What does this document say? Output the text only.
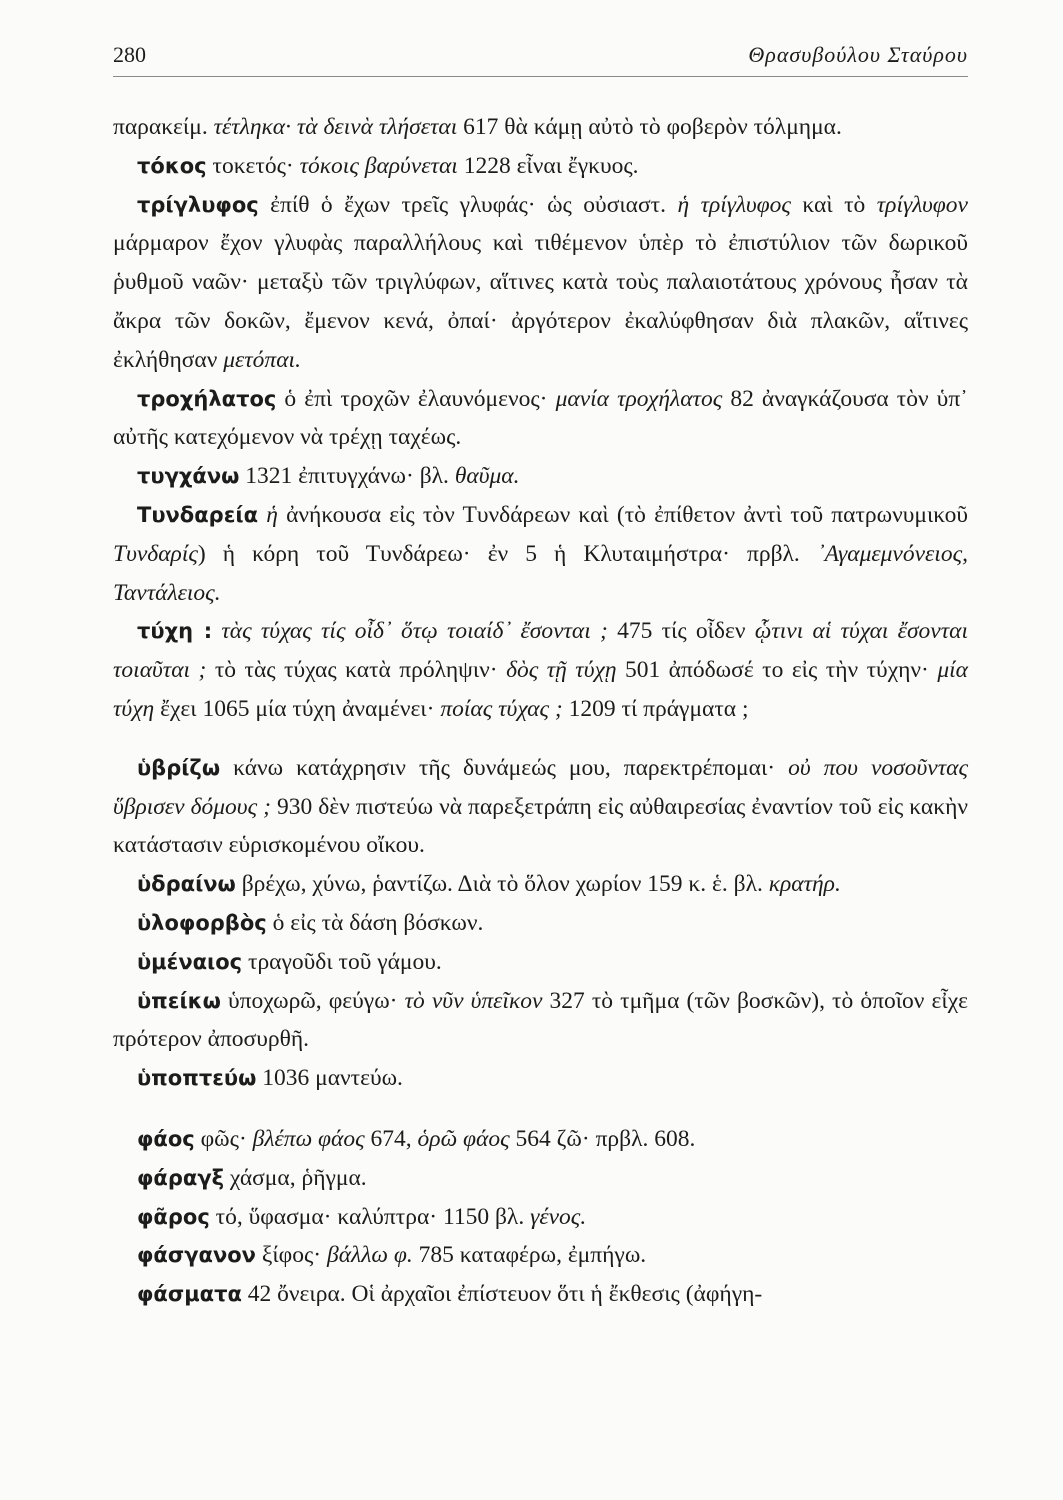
280	Θρασυβούλου Σταύρου

παρακείμ. τέτληκα· τὰ δεινὰ τλήσεται 617 θὰ κάμῃ αὐτὸ τὸ φοβερὸν τόλμημα.

τόκος τοκετός· τόκοις βαρύνεται 1228 εἶναι ἔγκυος.

τρίγλυφος ἐπίθ ὁ ἔχων τρεῖς γλυφάς· ὡς οὐσιαστ. ἡ τρίγλυφος καὶ τὸ τρίγλυφον μάρμαρον ἔχον γλυφὰς παραλλήλους καὶ τιθέμενον ὑπὲρ τὸ ἐπιστύλιον τῶν δωρικοῦ ῥυθμοῦ ναῶν· μεταξὺ τῶν τριγλύφων, αἵτινες κατὰ τοὺς παλαιοτάτους χρόνους ἦσαν τὰ ἄκρα τῶν δοκῶν, ἔμενον κενά, ὀπαί· ἀργότερον ἐκαλύφθησαν διὰ πλακῶν, αἵτινες ἐκλήθησαν μετόπαι.

τροχήλατος ὁ ἐπὶ τροχῶν ἐλαυνόμενος· μανία τροχήλατος 82 ἀναγκάζουσα τὸν ὑπ᾽ αὐτῆς κατεχόμενον νὰ τρέχῃ ταχέως.

τυγχάνω 1321 ἐπιτυγχάνω· βλ. θαῦμα.

Τυνδαρεία ἡ ἀνήκουσα εἰς τὸν Τυνδάρεων καὶ (τὸ ἐπίθετον ἀντὶ τοῦ πατρωνυμικοῦ Τυνδαρίς) ἡ κόρη τοῦ Τυνδάρεω· ἐν 5 ἡ Κλυταιμήστρα· πρβλ. ᾽Αγαμεμνόνειος, Ταντάλειος.

τύχη : τὰς τύχας τίς οἶδ᾽ ὅτῳ τοιαίδ᾽ ἔσονται ; 475 τίς οἶδεν ᾧτινι αἱ τύχαι ἔσονται τοιαῦται ; τὸ τὰς τύχας κατὰ πρόληψιν· δὸς τῇ τύχῃ 501 ἀπόδωσέ το εἰς τὴν τύχην· μία τύχη ἔχει 1065 μία τύχη ἀναμένει· ποίας τύχας ; 1209 τί πράγματα ;

ὑβρίζω κάνω κατάχρησιν τῆς δυνάμεώς μου, παρεκτρέπομαι· οὐ που νοσοῦντας ὕβρισεν δόμους ; 930 δὲν πιστεύω νὰ παρεξετράπη εἰς αὐθαιρεσίας ἐναντίον τοῦ εἰς κακὴν κατάστασιν εὑρισκομένου οἴκου.

ὑδραίνω βρέχω, χύνω, ῥαντίζω. Διὰ τὸ ὅλον χωρίον 159 κ. ἑ. βλ. κρατήρ.

ὑλοφορβὸς ὁ εἰς τὰ δάση βόσκων.

ὑμέναιος τραγοῦδι τοῦ γάμου.

ὑπείκω ὑποχωρῶ, φεύγω· τὸ νῦν ὑπεῖκον 327 τὸ τμῆμα (τῶν βοσκῶν), τὸ ὁποῖον εἶχε πρότερον ἀποσυρθῆ.

ὑποπτεύω 1036 μαντεύω.

φάος φῶς· βλέπω φάος 674, ὁρῶ φάος 564 ζῶ· πρβλ. 608.

φάραγξ χάσμα, ῥῆγμα.

φᾶρος τό, ὕφασμα· καλύπτρα· 1150 βλ. γένος.

φάσγανον ξίφος· βάλλω φ. 785 καταφέρω, ἐμπήγω.

φάσματα 42 ὄνειρα. Οἱ ἀρχαῖοι ἐπίστευον ὅτι ἡ ἔκθεσις (ἀφήγη-
